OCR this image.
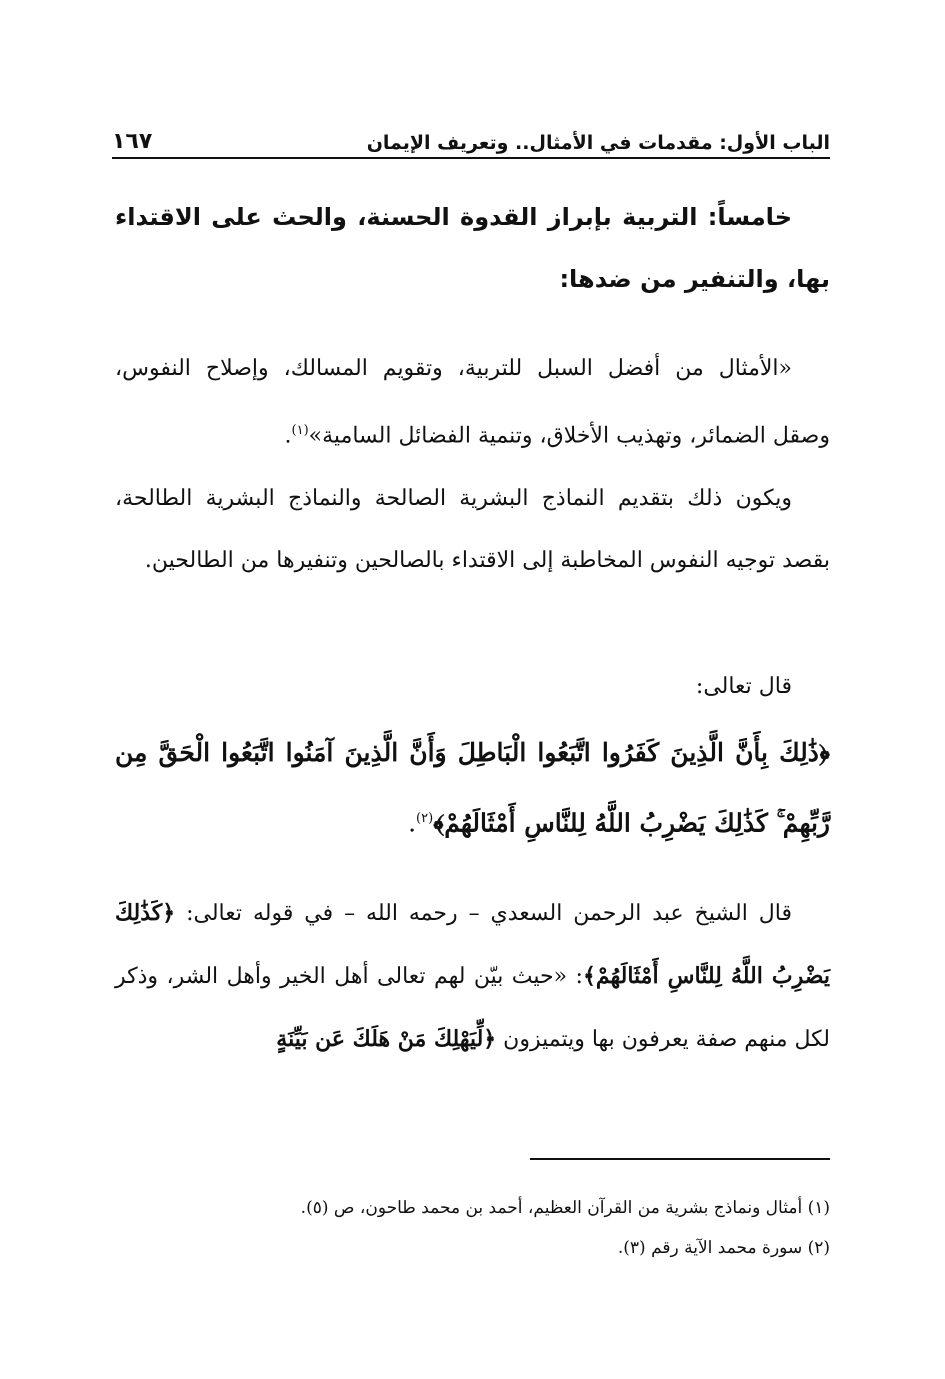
الباب الأول: مقدمات في الأمثال.. وتعريف الإيمان
١٦٧
خامساً: التربية بإبراز القدوة الحسنة، والحث على الاقتداء بها، والتنفير من ضدها:
«الأمثال من أفضل السبل للتربية، وتقويم المسالك، وإصلاح النفوس، وصقل الضمائر، وتهذيب الأخلاق، وتنمية الفضائل السامية»$^{(١)}$.
ويكون ذلك بتقديم النماذج البشرية الصالحة والنماذج البشرية الطالحة، بقصد توجيه النفوس المخاطبة إلى الاقتداء بالصالحين وتنفيرها من الطالحين.
قال تعالى:
﴿ذَٰلِكَ بِأَنَّ الَّذِينَ كَفَرُوا اتَّبَعُوا الْبَاطِلَ وَأَنَّ الَّذِينَ آمَنُوا اتَّبَعُوا الْحَقَّ مِن رَّبِّهِمْ ۚ كَذَٰلِكَ يَضْرِبُ اللَّهُ لِلنَّاسِ أَمْثَالَهُمْ﴾$^{(٢)}$.
قال الشيخ عبد الرحمن السعدي – رحمه الله – في قوله تعالى: ﴿كَذَٰلِكَ يَضْرِبُ اللَّهُ لِلنَّاسِ أَمْثَالَهُمْ﴾: «حيث بيّن لهم تعالى أهل الخير وأهل الشر، وذكر لكل منهم صفة يعرفون بها ويتميزون ﴿لِّيَهْلِكَ مَنْ هَلَكَ عَن بَيِّنَةٍ
(١) أمثال ونماذج بشرية من القرآن العظيم، أحمد بن محمد طاحون، ص (٥).
(٢) سورة محمد الآية رقم (٣).
